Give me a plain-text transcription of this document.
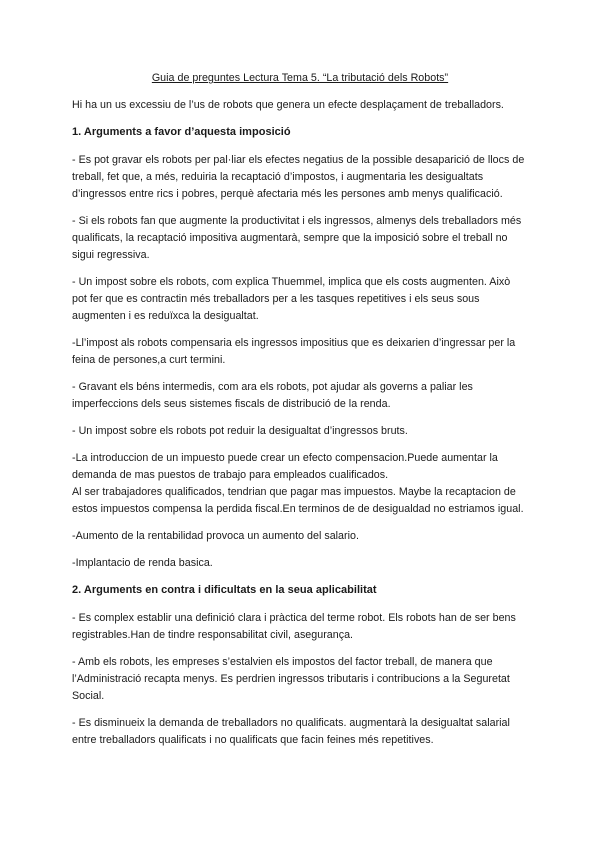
Guia de preguntes Lectura Tema 5. “La tributació dels Robots”

Hi ha un us excessiu de l’us de robots que genera un efecte desplaçament de treballadors.

1. Arguments a favor d’aquesta imposició

- Es pot gravar els robots per pal·liar els efectes negatius de la possible desaparició de llocs de treball, fet que, a més, reduiria la recaptació d’impostos, i augmentaria les desigualtats d’ingressos entre rics i pobres, perquè afectaria més les persones amb menys qualificació.

- Si els robots fan que augmente la productivitat i els ingressos, almenys dels treballadors més qualificats, la recaptació impositiva augmentarà, sempre que la imposició sobre el treball no sigui regressiva.

- Un impost sobre els robots, com explica Thuemmel, implica que els costs augmenten. Això pot fer que es contractin més treballadors per a les tasques repetitives i els seus sous augmenten i es reduïxca la desigualtat.

-Ll’impost als robots compensaria els ingressos impositius que es deixarien d’ingressar per la feina de persones,a curt termini.

- Gravant els béns intermedis, com ara els robots, pot ajudar als governs a paliar les imperfeccions dels seus sistemes fiscals de distribució de la renda.

- Un impost sobre els robots pot reduir la desigualtat d’ingressos bruts.

-La introduccion de un impuesto puede crear un efecto compensacion.Puede aumentar la demanda de mas puestos de trabajo para empleados cualificados.

Al ser trabajadores qualificados, tendrian que pagar mas impuestos. Maybe la recaptacion de estos impuestos compensa la perdida fiscal.En terminos de de desigualdad no estriamos igual.

-Aumento de la rentabilidad provoca un aumento del salario.

-Implantacio de renda basica.

2. Arguments en contra i dificultats en la seua aplicabilitat

- Es complex establir una definició clara i pràctica del terme robot. Els robots han de ser bens registrables.Han de tindre responsabilitat civil, asegurança.

- Amb els robots, les empreses s’estalvien els impostos del factor treball, de manera que l’Administració recapta menys. Es perdrien ingressos tributaris i contribucions a la Seguretat Social.

- Es disminueix la demanda de treballadors no qualificats. augmentarà la desigualtat salarial entre treballadors qualificats i no qualificats que facin feines més repetitives.
